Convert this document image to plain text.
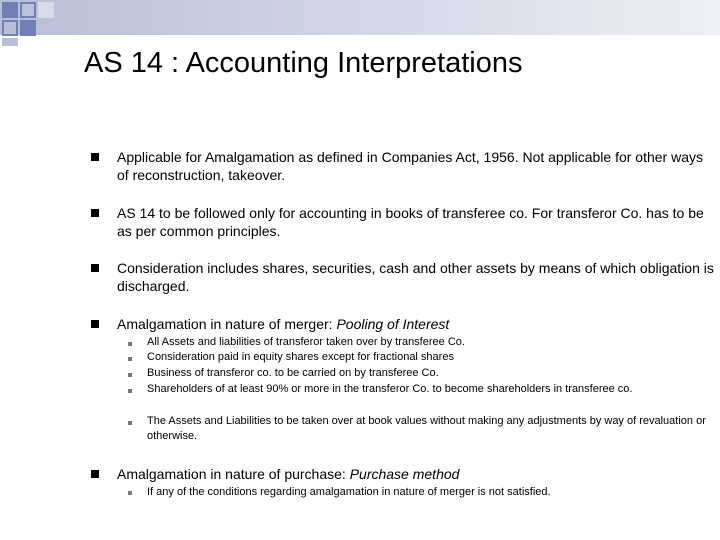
AS 14 : Accounting Interpretations

Applicable for Amalgamation as defined in Companies Act, 1956. Not applicable for other ways of reconstruction, takeover.

AS 14 to be followed only for accounting in books of transferee co. For transferor Co. has to be as per common principles.

Consideration includes shares, securities, cash and other assets by means of which obligation is discharged.

Amalgamation in nature of merger: Pooling of Interest

All Assets and liabilities of transferor taken over by transferee Co.

Consideration paid in equity shares except for fractional shares

Business of transferor co. to be carried on by transferee Co.

Shareholders of at least 90% or more in the transferor Co. to become shareholders in transferee co.

The Assets and Liabilities to be taken over at book values without making any adjustments by way of revaluation or otherwise.

Amalgamation in nature of purchase: Purchase method

If any of the conditions regarding amalgamation in nature of merger is not satisfied.
